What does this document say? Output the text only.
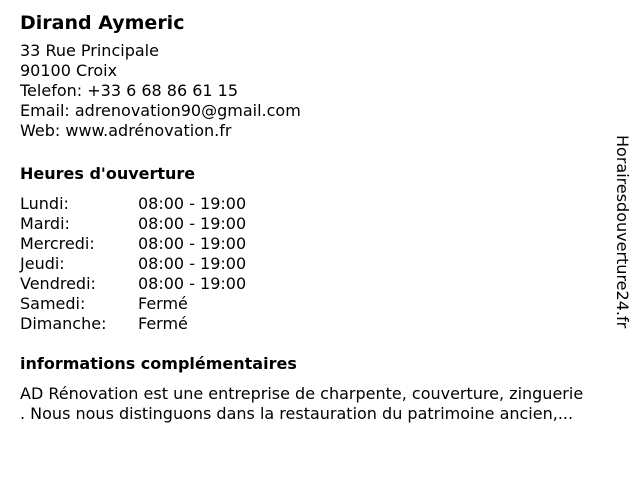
Dirand Aymeric
33 Rue Principale
90100 Croix
Telefon: +33 6 68 86 61 15
Email: adrenovation90@gmail.com
Web: www.adrénovation.fr
Heures d'ouverture
Lundi:	08:00 - 19:00
Mardi:	08:00 - 19:00
Mercredi:	08:00 - 19:00
Jeudi:	08:00 - 19:00
Vendredi:	08:00 - 19:00
Samedi:	Fermé
Dimanche:	Fermé
informations complémentaires
AD Rénovation est une entreprise de charpente, couverture, zinguerie
. Nous nous distinguons dans la restauration du patrimoine ancien,...
Horairesdouverture24.fr
